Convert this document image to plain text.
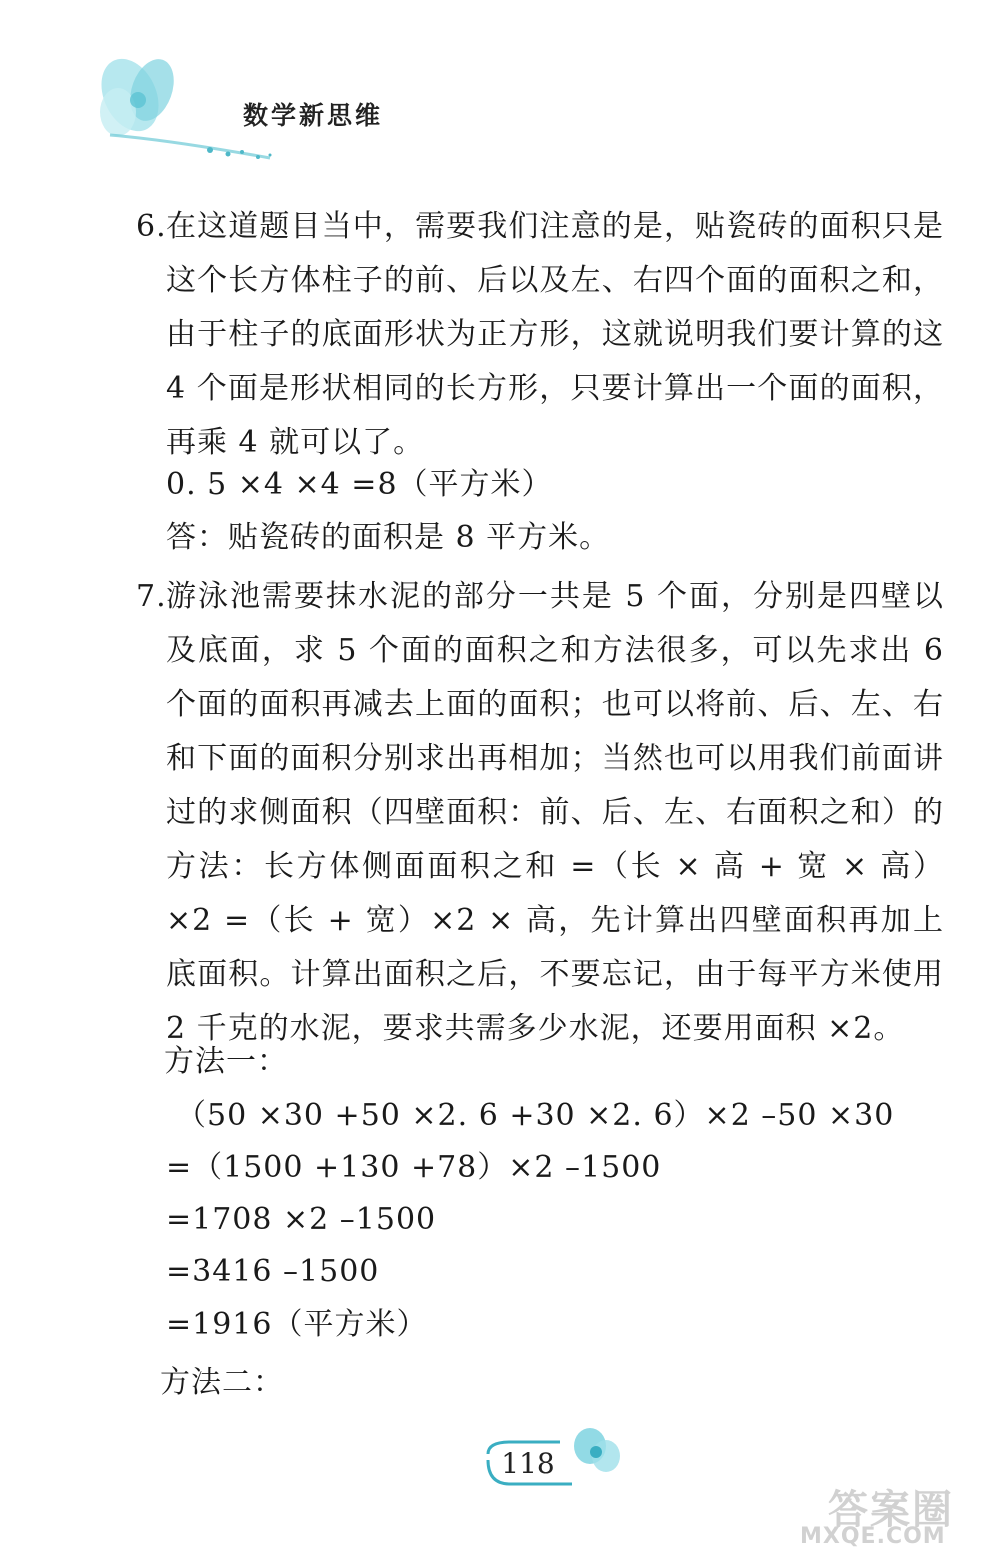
数学新思维
6. 在这道题目当中，需要我们注意的是，贴瓷砖的面积只是这个长方体柱子的前、后以及左、右四个面的面积之和，由于柱子的底面形状为正方形，这就说明我们要计算的这 4 个面是形状相同的长方形，只要计算出一个面的面积，再乘 4 就可以了。
0. 5 ×4 ×4 =8（平方米）
答：贴瓷砖的面积是 8 平方米。
7. 游泳池需要抹水泥的部分一共是 5 个面，分别是四壁以及底面，求 5 个面的面积之和方法很多，可以先求出 6 个面的面积再减去上面的面积；也可以将前、后、左、右和下面的面积分别求出再相加；当然也可以用我们前面讲过的求侧面积（四壁面积：前、后、左、右面积之和）的方法：长方体侧面面积之和 =（长 × 高 + 宽 × 高）×2 =（长 + 宽）×2 × 高，先计算出四壁面积再加上底面积。计算出面积之后，不要忘记，由于每平方米使用 2 千克的水泥，要求共需多少水泥，还要用面积 ×2。
方法一：
（50 ×30 +50 ×2. 6 +30 ×2. 6）×2 –50 ×30
=（1500 +130 +78）×2 –1500
=1708 ×2 –1500
=3416 –1500
=1916（平方米）
方法二：
118
答案圈
MXQE.COM
